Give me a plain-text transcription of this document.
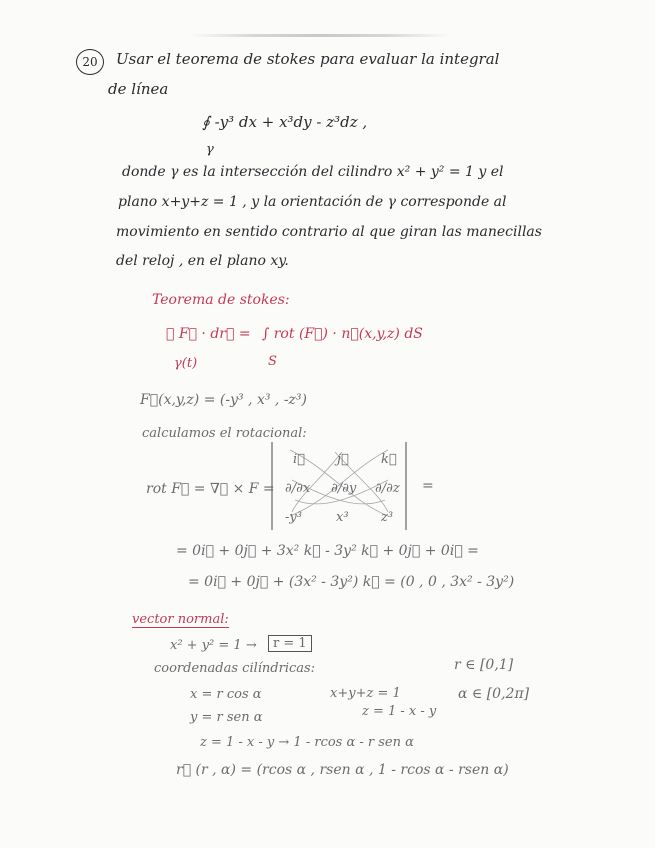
20	Usar el teorema de stokes para evaluar la integral
de línea
∮ -y³ dx + x³dy - z³dz ,
γ
donde γ es la intersección del cilindro x² + y² = 1 y el
plano x+y+z = 1 , y la orientación de γ corresponde al
movimiento en sentido contrario al que giran las manecillas
del reloj , en el plano xy.
Teorema de stokes:
∮ F⃗ · dr⃗ =
γ(t)
∫ rot (F⃗) · n⃗(x,y,z) dS
S
F⃗(x,y,z) = (-y³ , x³ , -z³)
calculamos el rotacional:
rot F⃗ = ∇⃗ × F =
i⃗ j⃗ k⃗
∂/∂x ∂/∂y ∂/∂z
-y³	x³ z³
=
= 0i⃗ + 0j⃗ + 3x² k⃗ - 3y² k⃗ + 0j⃗ + 0i⃗ =
= 0i⃗ + 0j⃗ + (3x² - 3y²) k⃗ = (0 , 0 , 3x² - 3y²)
vector normal:
x² + y² = 1 →	r = 1
coordenadas cilíndricas:	r ∈ [0,1]
x = r cos α	x+y+z = 1	α ∈ [0,2π]
y = r sen α	z = 1 - x - y
z = 1 - x - y → 1 - rcos α - r sen α
r⃗ (r , α) = (rcos α , rsen α , 1 - rcos α - rsen α)
